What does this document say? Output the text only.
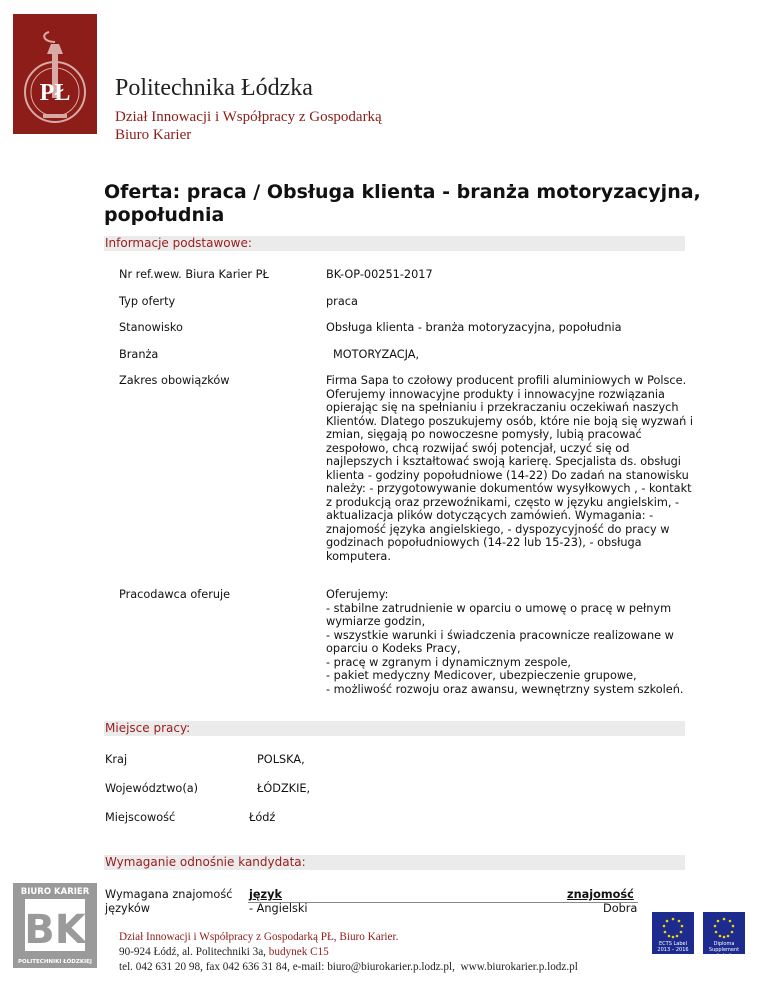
PŁ Politechnika Łódzka
Dział Innowacji i Współpracy z Gospodarką
Biuro Karier
Oferta: praca / Obsługa klienta - branża motoryzacyjna, popołudnia
Informacje podstawowe:
Nr ref.wew. Biura Karier PŁ	BK-OP-00251-2017
Typ oferty	praca
Stanowisko	Obsługa klienta - branża motoryzacyjna, popołudnia
Branża	MOTORYZACJA,
Zakres obowiązków	Firma Sapa to czołowy producent profili aluminiowych w Polsce. Oferujemy innowacyjne produkty i innowacyjne rozwiązania opierając się na spełnianiu i przekraczaniu oczekiwań naszych Klientów. Dlatego poszukujemy osób, które nie boją się wyzwań i zmian, sięgają po nowoczesne pomysły, lubią pracować zespołowo, chcą rozwijać swój potencjał, uczyć się od najlepszych i kształtować swoją karierę. Specjalista ds. obsługi klienta - godziny popołudniowe (14-22) Do zadań na stanowisku należy: - przygotowywanie dokumentów wysyłkowych , - kontakt z produkcją oraz przewoźnikami, często w języku angielskim, - aktualizacja plików dotyczących zamówień. Wymagania: - znajomość języka angielskiego, - dyspozycyjność do pracy w godzinach popołudniowych (14-22 lub 15-23), - obsługa komputera.
Pracodawca oferuje	Oferujemy:
- stabilne zatrudnienie w oparciu o umowę o pracę w pełnym wymiarze godzin,
- wszystkie warunki i świadczenia pracownicze realizowane w oparciu o Kodeks Pracy,
- pracę w zgranym i dynamicznym zespole,
- pakiet medyczny Medicover, ubezpieczenie grupowe,
- możliwość rozwoju oraz awansu, wewnętrzny system szkoleń.
Miejsce pracy:
Kraj	POLSKA,
Województwo(a)	ŁÓDZKIE,
Miejscowość	Łódź
Wymaganie odnośnie kandydata:
Wymagana znajomość języków
język	znajomość
- Angielski	Dobra
BIURO KARIER
BK
POLITECHNIKI ŁÓDZKIEJ
Dział Innowacji i Współpracy z Gospodarką PŁ, Biuro Karier.
90-924 Łódź, al. Politechniki 3a, budynek C15
tel. 042 631 20 98, fax 042 636 31 84, e-mail: biuro@biurokarier.p.lodz.pl, www.biurokarier.p.lodz.pl
ECTS Label
2013 – 2016
Diploma Supplement Label
2013 – 2016
